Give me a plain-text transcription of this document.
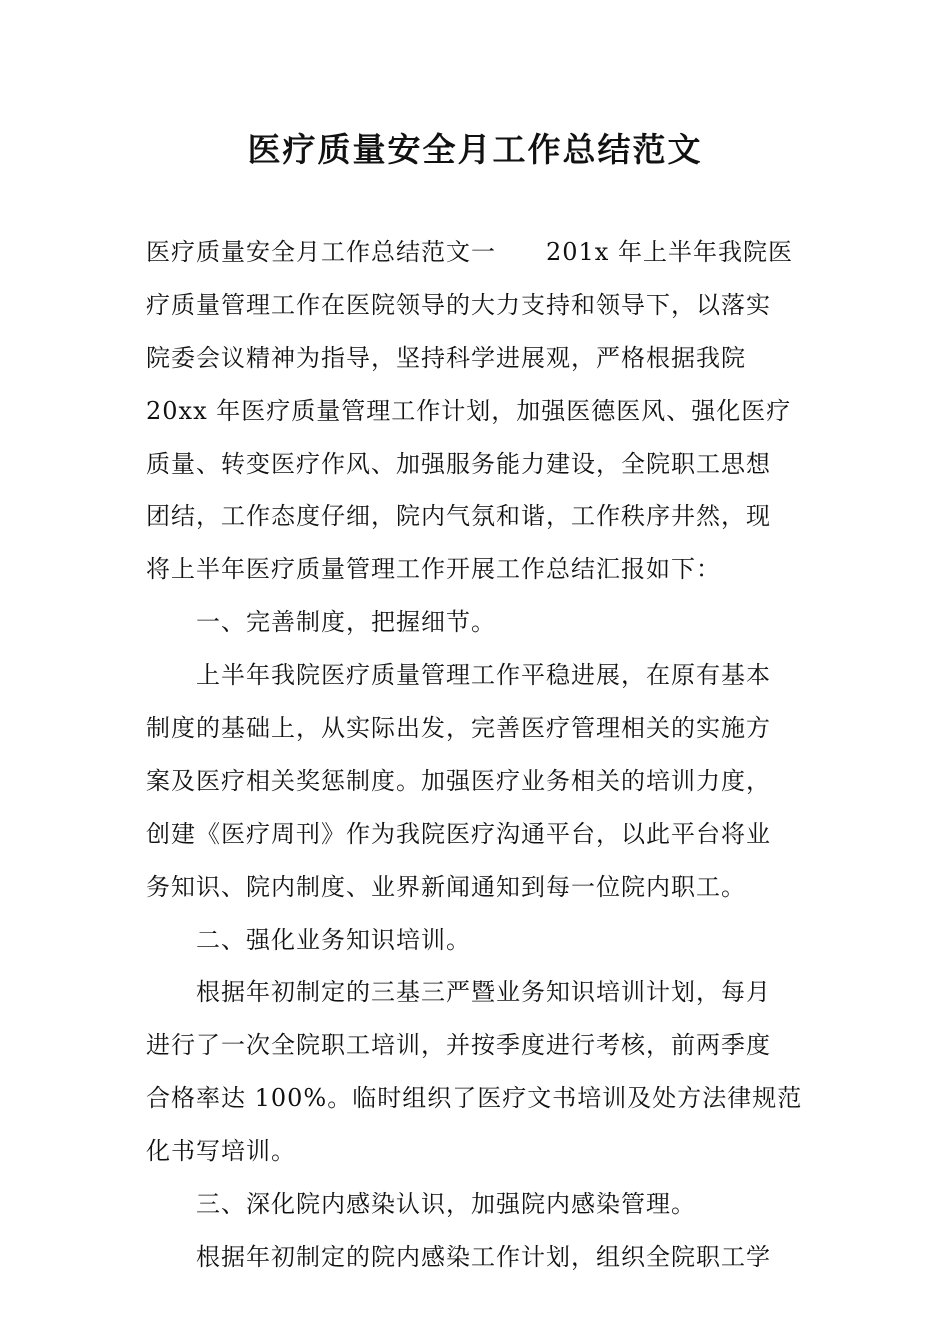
医疗质量安全月工作总结范文
医疗质量安全月工作总结范文一　　201x 年上半年我院医
疗质量管理工作在医院领导的大力支持和领导下，以落实
院委会议精神为指导，坚持科学进展观，严格根据我院
20xx 年医疗质量管理工作计划，加强医德医风、强化医疗
质量、转变医疗作风、加强服务能力建设，全院职工思想
团结，工作态度仔细，院内气氛和谐，工作秩序井然，现
将上半年医疗质量管理工作开展工作总结汇报如下：
一、完善制度，把握细节。
上半年我院医疗质量管理工作平稳进展，在原有基本
制度的基础上，从实际出发，完善医疗管理相关的实施方
案及医疗相关奖惩制度。加强医疗业务相关的培训力度，
创建《医疗周刊》作为我院医疗沟通平台，以此平台将业
务知识、院内制度、业界新闻通知到每一位院内职工。
二、强化业务知识培训。
根据年初制定的三基三严暨业务知识培训计划，每月
进行了一次全院职工培训，并按季度进行考核，前两季度
合格率达 100%。临时组织了医疗文书培训及处方法律规范
化书写培训。
三、深化院内感染认识，加强院内感染管理。
根据年初制定的院内感染工作计划，组织全院职工学
